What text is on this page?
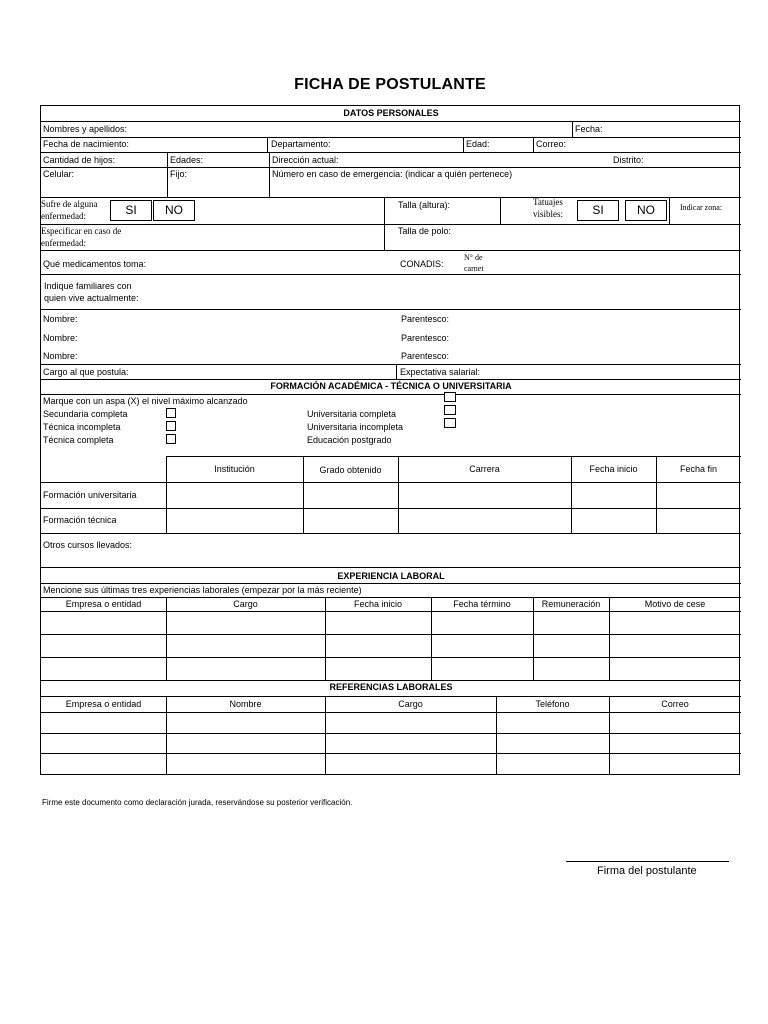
FICHA DE POSTULANTE
DATOS PERSONALES
Nombres y apellidos:	Fecha:
Fecha de nacimiento:	Departamento:	Edad:	Correo:
Cantidad de hijos:	Edades:	Dirección actual:	Distrito:
Celular:	Fijo:	Número en caso de emergencia: (indicar a quién pertenece)
Sufre de alguna
enfermedad:	SI	NO	Talla (altura):	Tatuajes
visibles:	SI	NO	Indicar zona:
Especificar en caso de
enfermedad:
Talla de polo:
Qué medicamentos toma:	CONADIS:
N° de
carnet
Indique familiares con
quien vive actualmente:
Nombre:	Parentesco:
Nombre:	Parentesco:
Nombre:	Parentesco:
Cargo al que postula:	Expectativa salarial:
FORMACIÓN ACADÉMICA - TÉCNICA O UNIVERSITARIA
Marque con un aspa (X) el nivel máximo alcanzado
Secundaria completa
Técnica incompleta
Técnica completa
Universitaria completa
Universitaria incompleta
Educación postgrado
Institución	Grado obtenido	Carrera	Fecha inicio	Fecha fin
Formación universitaria
Formación técnica
Otros cursos llevados:
EXPERIENCIA LABORAL
Mencione sus últimas tres experiencias laborales (empezar por la más reciente)
Empresa o entidad	Cargo	Fecha inicio	Fecha término	Remuneración	Motivo de cese
REFERENCIAS LABORALES
Empresa o entidad	Nombre	Cargo	Teléfono	Correo
Firme este documento como declaración jurada, reservándose su posterior verificación.
Firma del postulante
